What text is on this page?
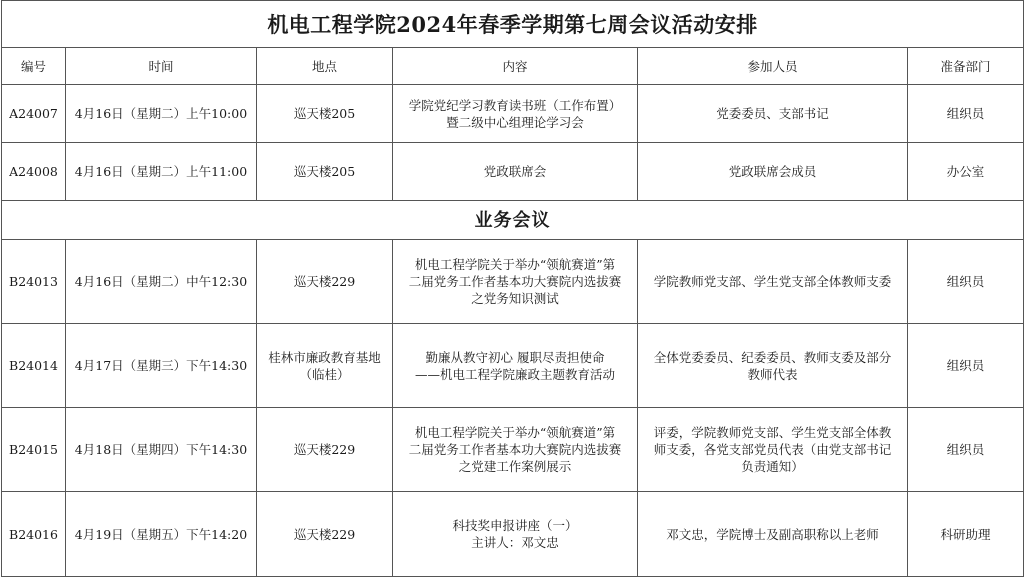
机电工程学院2024年春季学期第七周会议活动安排					
编号	时间	地点	内容	参加人员	准备部门
A24007	4月16日（星期二）上午10:00	巡天楼205	学院党纪学习教育读书班（工作布置）
暨二级中心组理论学习会	党委委员、支部书记	组织员
A24008	4月16日（星期二）上午11:00	巡天楼205	党政联席会	党政联席会成员	办公室
业务会议					
B24013	4月16日（星期二）中午12:30	巡天楼229	机电工程学院关于举办“领航赛道”第
二届党务工作者基本功大赛院内选拔赛
之党务知识测试	学院教师党支部、学生党支部全体教师支委	组织员
B24014	4月17日（星期三）下午14:30	桂林市廉政教育基地
（临桂）	勤廉从教守初心 履职尽责担使命
——机电工程学院廉政主题教育活动	全体党委委员、纪委委员、教师支委及部分
教师代表	组织员
B24015	4月18日（星期四）下午14:30	巡天楼229	机电工程学院关于举办“领航赛道”第
二届党务工作者基本功大赛院内选拔赛
之党建工作案例展示	评委，学院教师党支部、学生党支部全体教
师支委，各党支部党员代表（由党支部书记
负责通知）	组织员
B24016	4月19日（星期五）下午14:20	巡天楼229	科技奖申报讲座（一）
主讲人：邓文忠	邓文忠，学院博士及副高职称以上老师	科研助理
